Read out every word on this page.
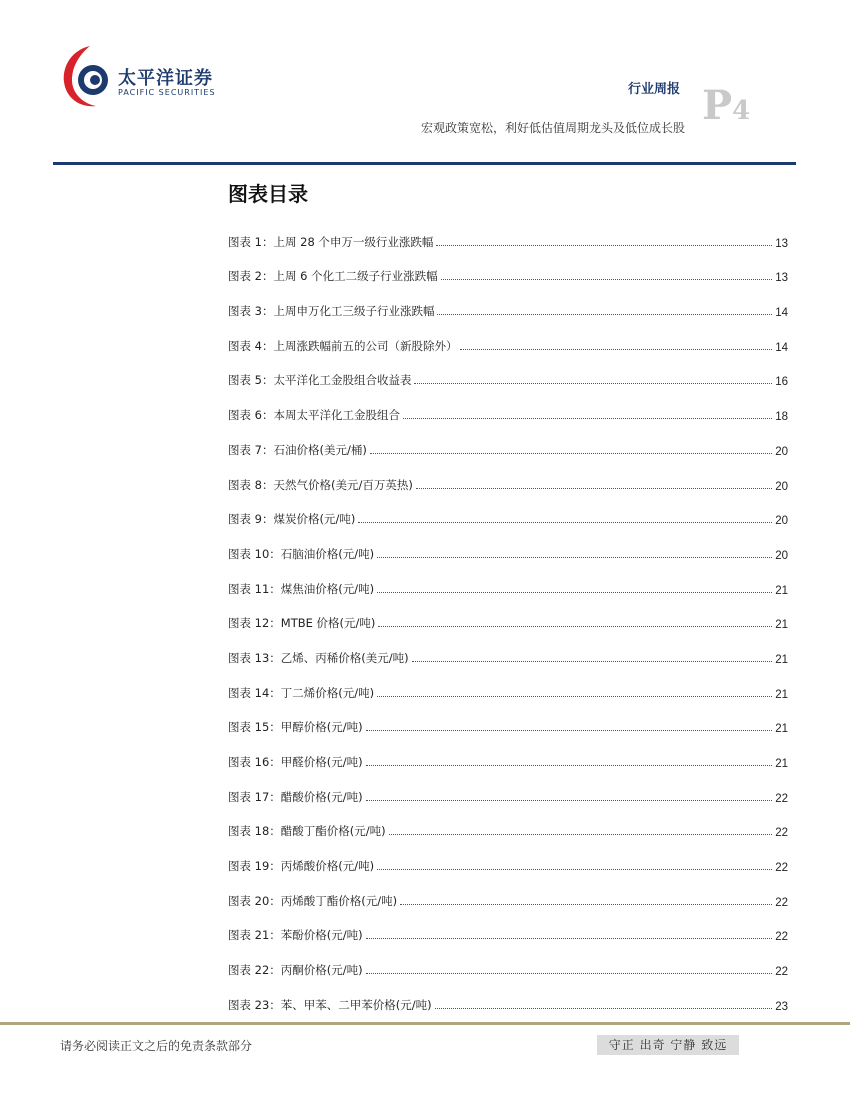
太平洋证券
PACIFIC SECURITIES	行业周报 P4
宏观政策宽松，利好低估值周期龙头及低位成长股
图表目录
图表 1：上周 28 个申万一级行业涨跌幅	13
图表 2：上周 6 个化工二级子行业涨跌幅	13
图表 3：上周申万化工三级子行业涨跌幅	14
图表 4：上周涨跌幅前五的公司（新股除外）	14
图表 5：太平洋化工金股组合收益表	16
图表 6：本周太平洋化工金股组合	18
图表 7：石油价格(美元/桶)	20
图表 8：天然气价格(美元/百万英热)	20
图表 9：煤炭价格(元/吨)	20
图表 10：石脑油价格(元/吨)	20
图表 11：煤焦油价格(元/吨)	21
图表 12：MTBE 价格(元/吨)	21
图表 13：乙烯、丙稀价格(美元/吨)	21
图表 14：丁二烯价格(元/吨)	21
图表 15：甲醇价格(元/吨)	21
图表 16：甲醛价格(元/吨)	21
图表 17：醋酸价格(元/吨)	22
图表 18：醋酸丁酯价格(元/吨)	22
图表 19：丙烯酸价格(元/吨)	22
图表 20：丙烯酸丁酯价格(元/吨)	22
图表 21：苯酚价格(元/吨)	22
图表 22：丙酮价格(元/吨)	22
图表 23：苯、甲苯、二甲苯价格(元/吨)	23
请务必阅读正文之后的免责条款部分	守正 出奇 宁静 致远
